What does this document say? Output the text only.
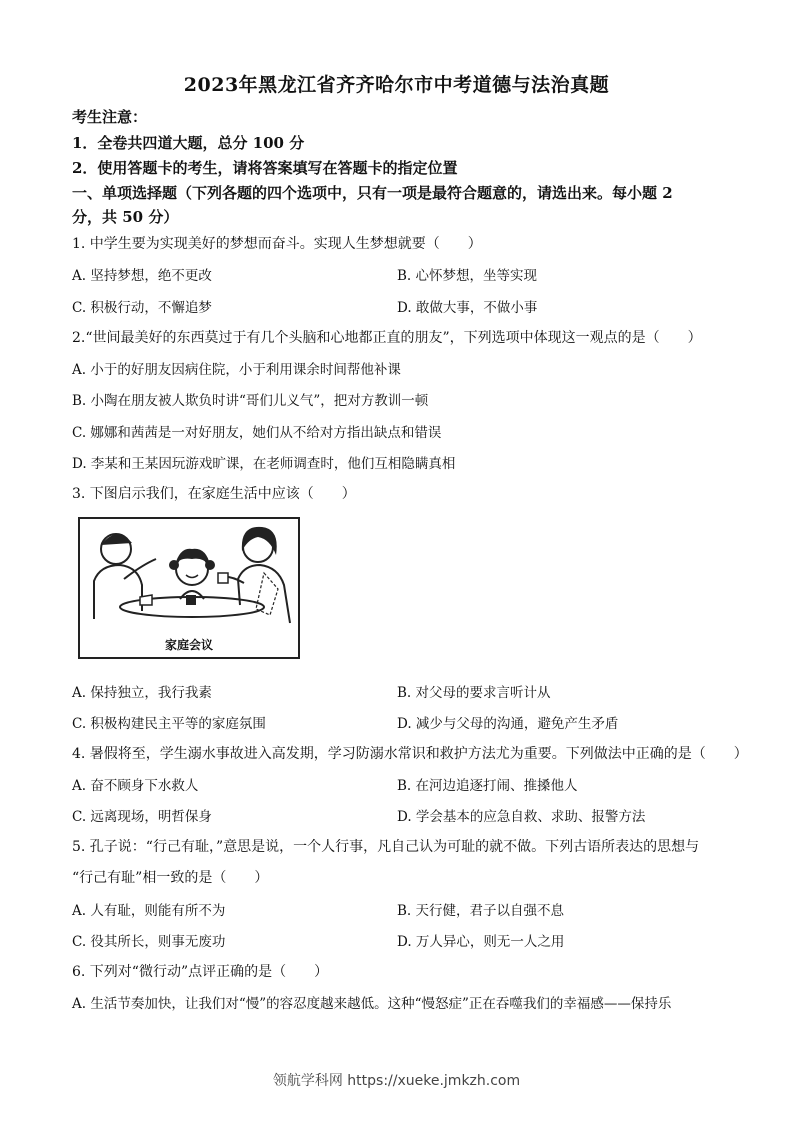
2023年黑龙江省齐齐哈尔市中考道德与法治真题
考生注意：
1．全卷共四道大题，总分 100 分
2．使用答题卡的考生，请将答案填写在答题卡的指定位置
一、单项选择题（下列各题的四个选项中，只有一项是最符合题意的，请选出来。每小题 2
分，共 50 分）
1. 中学生要为实现美好的梦想而奋斗。实现人生梦想就要（　　）
A. 坚持梦想，绝不更改	B. 心怀梦想，坐等实现
C. 积极行动，不懈追梦	D. 敢做大事，不做小事
2.“世间最美好的东西莫过于有几个头脑和心地都正直的朋友”，下列选项中体现这一观点的是（　　）
A. 小于的好朋友因病住院，小于利用课余时间帮他补课
B. 小陶在朋友被人欺负时讲“哥们儿义气”，把对方教训一顿
C. 娜娜和茜茜是一对好朋友，她们从不给对方指出缺点和错误
D. 李某和王某因玩游戏旷课，在老师调查时，他们互相隐瞒真相
3. 下图启示我们，在家庭生活中应该（　　）
家庭会议
A. 保持独立，我行我素	B. 对父母的要求言听计从
C. 积极构建民主平等的家庭氛围	D. 减少与父母的沟通，避免产生矛盾
4. 暑假将至，学生溺水事故进入高发期，学习防溺水常识和救护方法尤为重要。下列做法中正确的是（　　）
A. 奋不顾身下水救人	B. 在河边追逐打闹、推搡他人
C. 远离现场，明哲保身	D. 学会基本的应急自救、求助、报警方法
5. 孔子说：“行己有耻，”意思是说，一个人行事，凡自己认为可耻的就不做。下列古语所表达的思想与
“行己有耻”相一致的是（　　）
A. 人有耻，则能有所不为	B. 天行健，君子以自强不息
C. 役其所长，则事无废功	D. 万人异心，则无一人之用
6. 下列对“微行动”点评正确的是（　　）
A. 生活节奏加快，让我们对“慢”的容忍度越来越低。这种“慢怒症”正在吞噬我们的幸福感——保持乐
领航学科网 https://xueke.jmkzh.com
